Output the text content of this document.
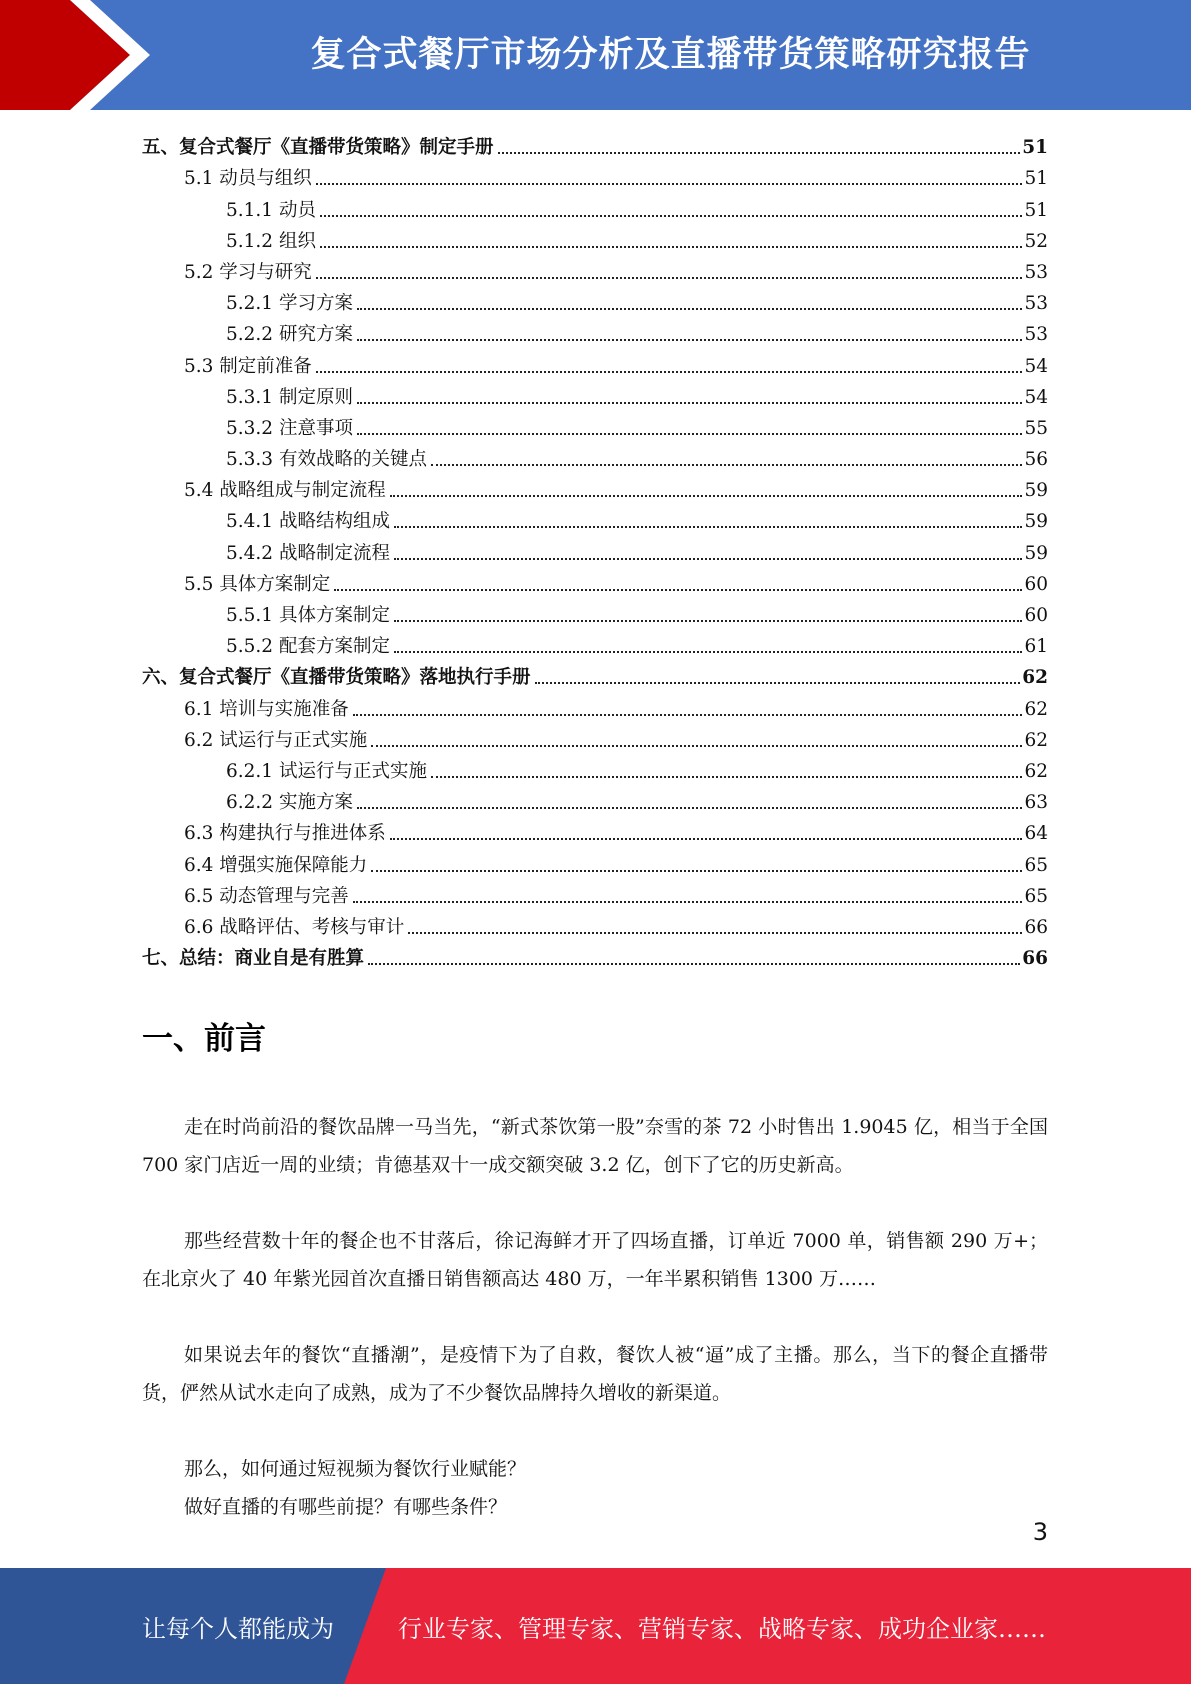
复合式餐厅市场分析及直播带货策略研究报告
五、复合式餐厅《直播带货策略》制定手册	51
5.1 动员与组织	51
5.1.1 动员	51
5.1.2 组织	52
5.2 学习与研究	53
5.2.1 学习方案	53
5.2.2 研究方案	53
5.3 制定前准备	54
5.3.1 制定原则	54
5.3.2 注意事项	55
5.3.3 有效战略的关键点	56
5.4 战略组成与制定流程	59
5.4.1 战略结构组成	59
5.4.2 战略制定流程	59
5.5 具体方案制定	60
5.5.1 具体方案制定	60
5.5.2 配套方案制定	61
六、复合式餐厅《直播带货策略》落地执行手册	62
6.1 培训与实施准备	62
6.2 试运行与正式实施	62
6.2.1 试运行与正式实施	62
6.2.2 实施方案	63
6.3 构建执行与推进体系	64
6.4 增强实施保障能力	65
6.5 动态管理与完善	65
6.6 战略评估、考核与审计	66
七、总结：商业自是有胜算	66
一、前言

走在时尚前沿的餐饮品牌一马当先，“新式茶饮第一股”奈雪的茶 72 小时售出 1.9045 亿，相当于全国 700 家门店近一周的业绩；肯德基双十一成交额突破 3.2 亿，创下了它的历史新高。

那些经营数十年的餐企也不甘落后，徐记海鲜才开了四场直播，订单近 7000 单，销售额 290 万+；在北京火了 40 年紫光园首次直播日销售额高达 480 万，一年半累积销售 1300 万……

如果说去年的餐饮“直播潮”，是疫情下为了自救，餐饮人被“逼”成了主播。那么，当下的餐企直播带货，俨然从试水走向了成熟，成为了不少餐饮品牌持久增收的新渠道。

那么，如何通过短视频为餐饮行业赋能？

做好直播的有哪些前提？有哪些条件？

3
让每个人都能成为	行业专家、管理专家、营销专家、战略专家、成功企业家……
